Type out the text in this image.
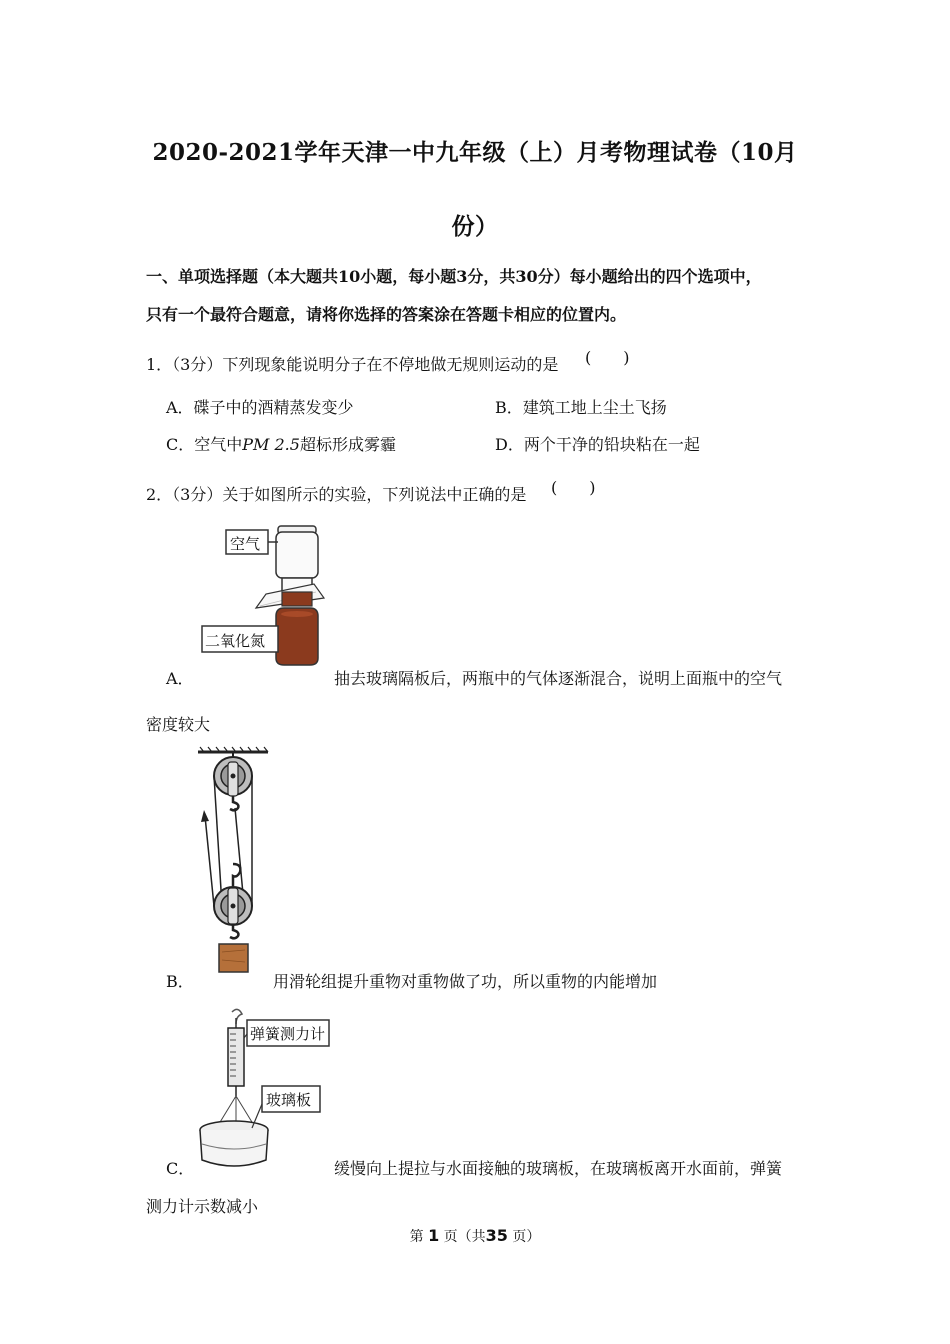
2020-2021学年天津一中九年级（上）月考物理试卷（10月
份）
一、单项选择题（本大题共10小题，每小题3分，共30分）每小题给出的四个选项中，
只有一个最符合题意，请将你选择的答案涂在答题卡相应的位置内。
1．（3分）下列现象能说明分子在不停地做无规则运动的是 (　　)
A．碟子中的酒精蒸发变少	B．建筑工地上尘土飞扬
C．空气中PM 2.5超标形成雾霾	D．两个干净的铅块粘在一起
2．（3分）关于如图所示的实验，下列说法中正确的是 (　　)
空气
二氧化氮
A．	抽去玻璃隔板后，两瓶中的气体逐渐混合，说明上面瓶中的空气
密度较大
B．	用滑轮组提升重物对重物做了功，所以重物的内能增加
弹簧测力计
玻璃板
C．	缓慢向上提拉与水面接触的玻璃板，在玻璃板离开水面前，弹簧
测力计示数减小
第 1 页（共35 页）
